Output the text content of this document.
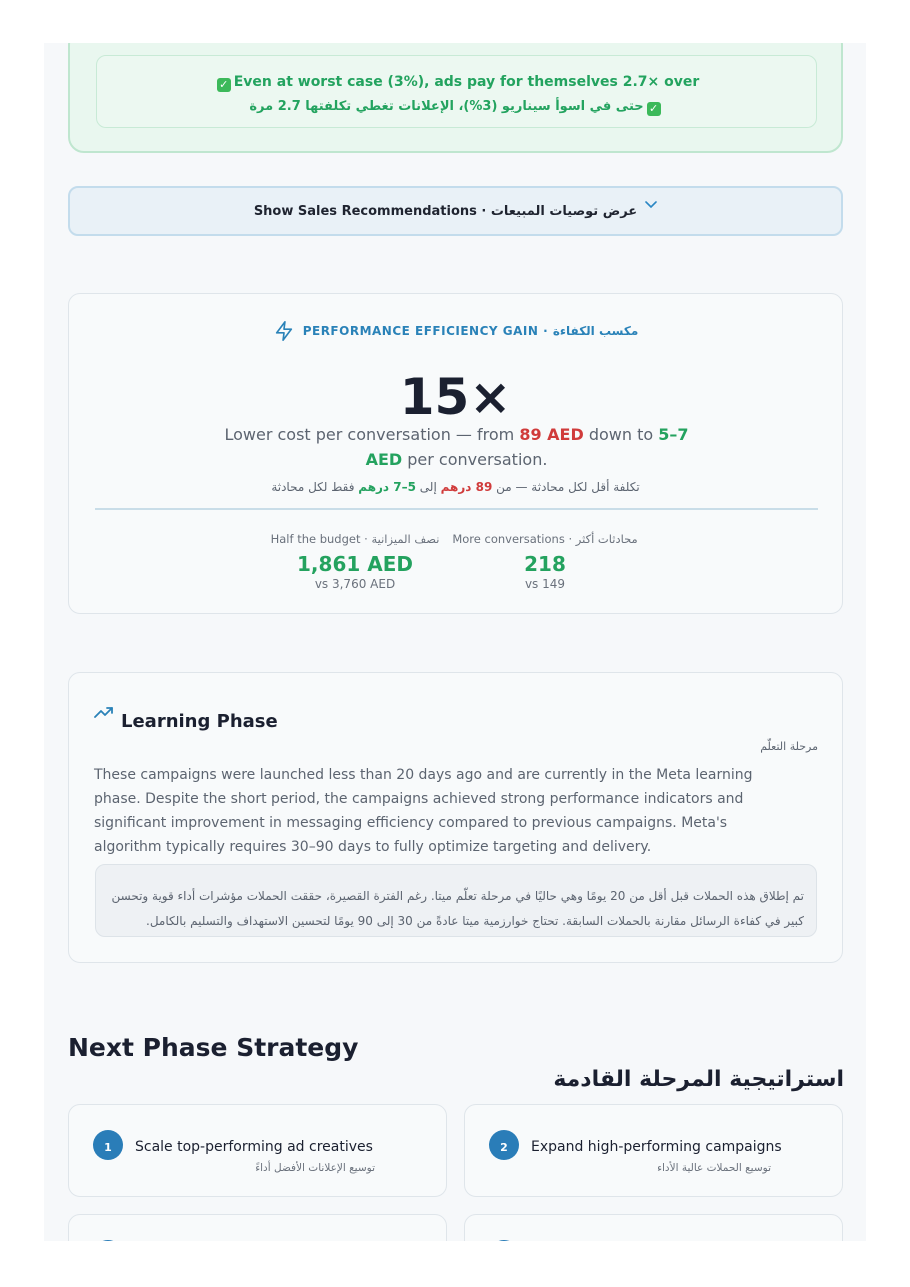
✓ Even at worst case (3%), ads pay for themselves 2.7× over
✓حتى في اسوأ سيناريو (3%)، الإعلانات تغطي تكلفتها 2.7 مرة
Show Sales Recommendations · عرض توصيات المبيعات
PERFORMANCE EFFICIENCY GAIN · مكسب الكفاءة
15×
Lower cost per conversation — from 89 AED down to 5–7 AED per conversation.
تكلفة أقل لكل محادثة — من 89 درهم إلى 5–7 درهم فقط لكل محادثة
Half the budget · نصف الميزانية
1,861 AED
vs 3,760 AED
More conversations · محادثات أكثر
218
vs 149
Learning Phase
مرحلة التعلّم
These campaigns were launched less than 20 days ago and are currently in the Meta learning phase. Despite the short period, the campaigns achieved strong performance indicators and significant improvement in messaging efficiency compared to previous campaigns. Meta's algorithm typically requires 30–90 days to fully optimize targeting and delivery.
تم إطلاق هذه الحملات قبل أقل من 20 يومًا وهي حاليًا في مرحلة تعلّم ميتا. رغم الفترة القصيرة، حققت الحملات مؤشرات أداء قوية وتحسن كبير في كفاءة الرسائل مقارنة بالحملات السابقة. تحتاج خوارزمية ميتا عادةً من 30 إلى 90 يومًا لتحسين الاستهداف والتسليم بالكامل.
Next Phase Strategy
استراتيجية المرحلة القادمة
1	Scale top-performing ad creatives
توسيع الإعلانات الأفضل أداءً
2	Expand high-performing campaigns
توسيع الحملات عالية الأداء
